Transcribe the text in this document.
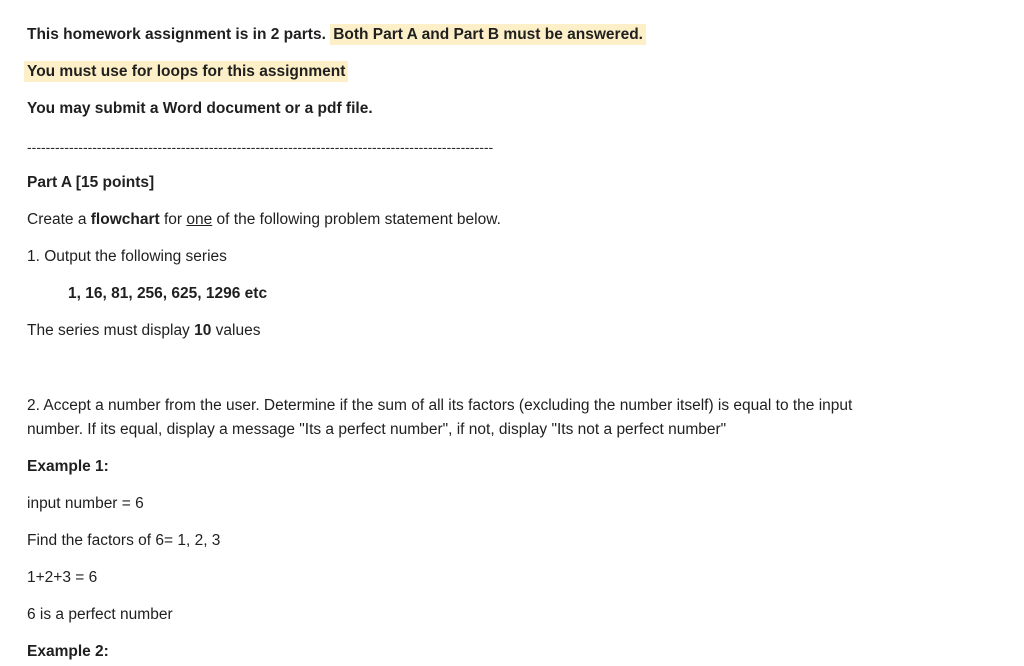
This homework assignment is in 2 parts. Both Part A and Part B must be answered.
You must use for loops for this assignment
You may submit a Word document or a pdf file.
----------------------------------------------------------------------------------------------------
Part A [15 points]
Create a flowchart for one of the following problem statement below.
1. Output the following series
1, 16, 81, 256, 625, 1296 etc
The series must display 10 values
2. Accept a number from the user. Determine if the sum of all its factors (excluding the number itself) is equal to the input number. If its equal, display a message "Its a perfect number", if not, display "Its not a perfect number"
Example 1:
input number = 6
Find the factors of 6= 1, 2, 3
1+2+3 = 6
6 is a perfect number
Example 2:
